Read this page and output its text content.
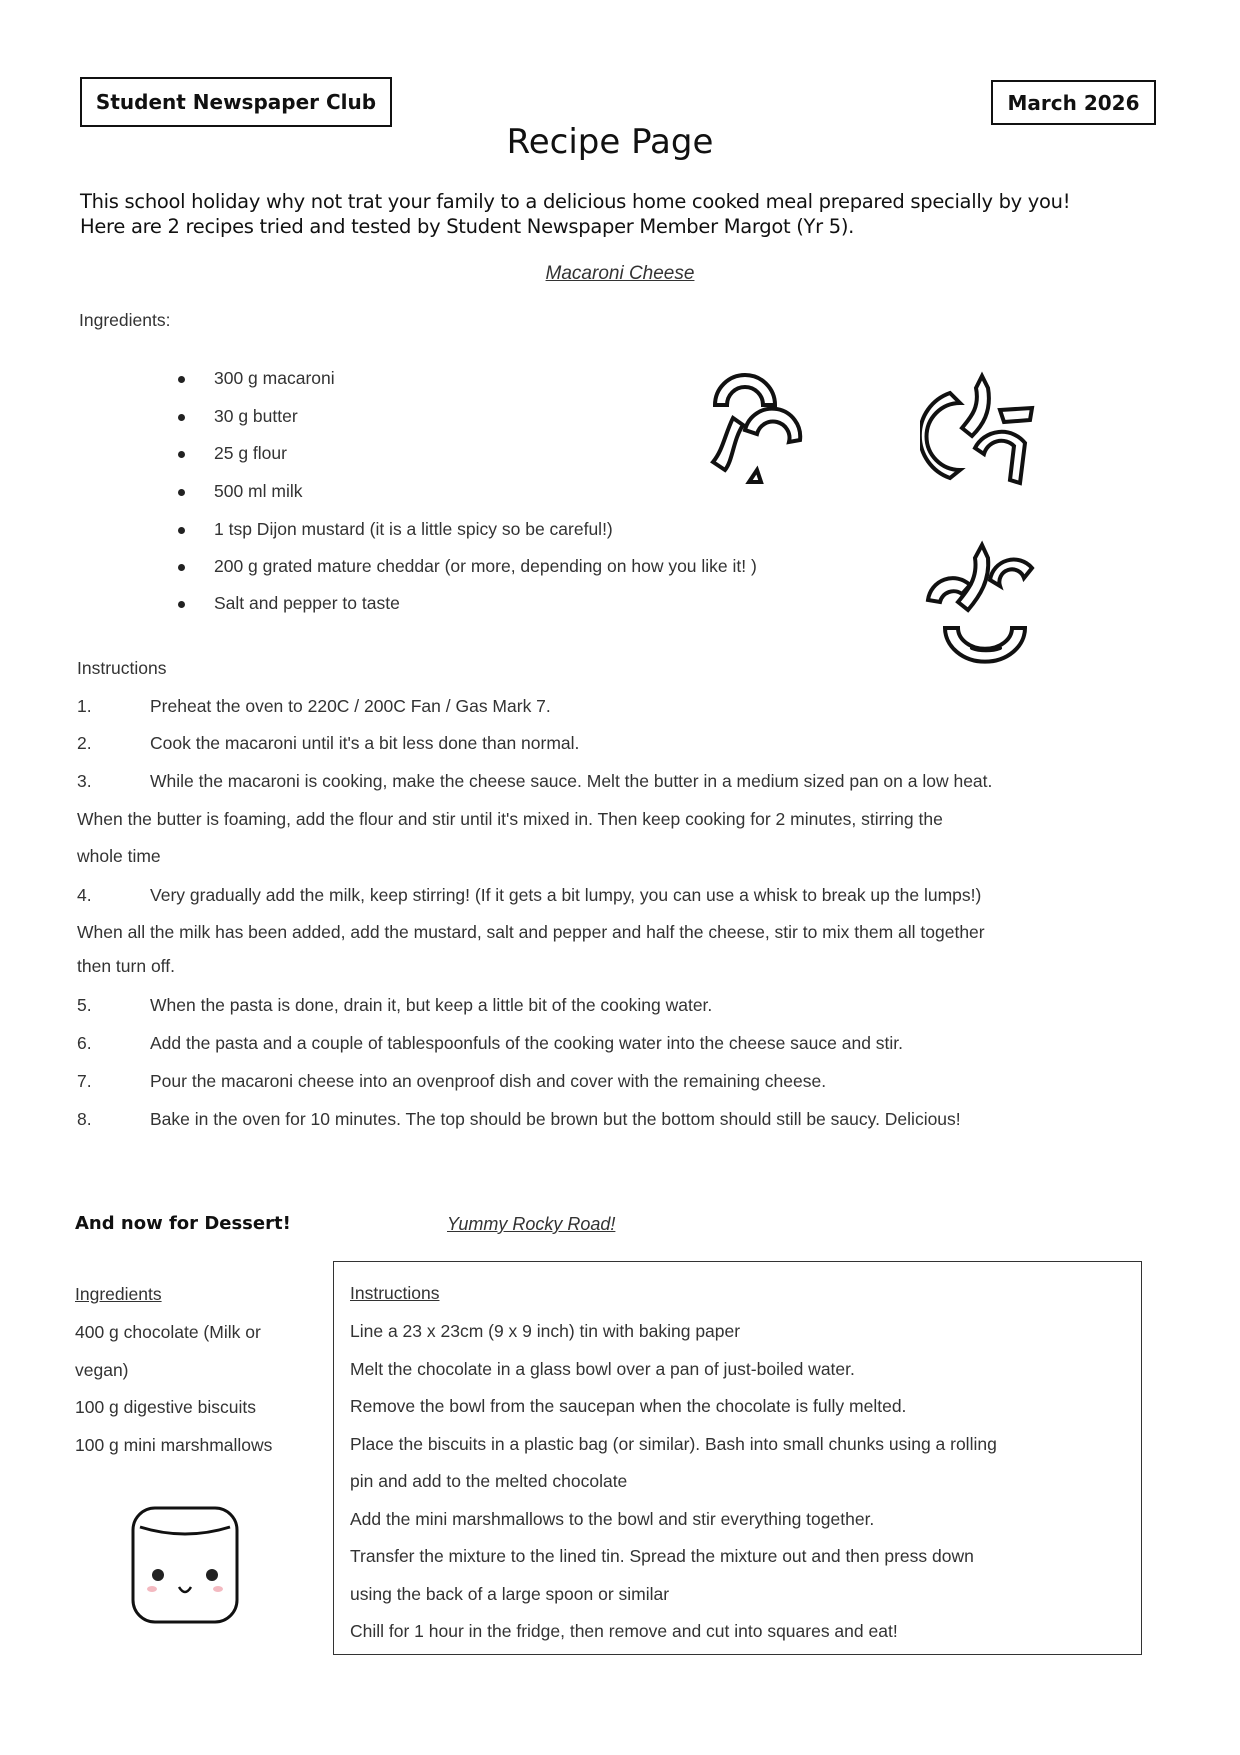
Student Newspaper Club	March 2026
Recipe Page
This school holiday why not trat your family to a delicious home cooked meal prepared specially by you!
Here are 2 recipes tried and tested by Student Newspaper Member Margot (Yr 5).
Macaroni Cheese
Ingredients:
300 g macaroni
30 g butter
25 g flour
500 ml milk
1 tsp Dijon mustard (it is a little spicy so be careful!)
200 g grated mature cheddar (or more, depending on how you like it! )
Salt and pepper to taste
Instructions
1.	Preheat the oven to 220C / 200C Fan / Gas Mark 7.
2.	Cook the macaroni until it's a bit less done than normal.
3.	While the macaroni is cooking, make the cheese sauce. Melt the butter in a medium sized pan on a low heat.
When the butter is foaming, add the flour and stir until it's mixed in. Then keep cooking for 2 minutes, stirring the
whole time
4.	Very gradually add the milk, keep stirring! (If it gets a bit lumpy, you can use a whisk to break up the lumps!)
When all the milk has been added, add the mustard, salt and pepper and half the cheese, stir to mix them all together
then turn off.
5.	When the pasta is done, drain it, but keep a little bit of the cooking water.
6.	Add the pasta and a couple of tablespoonfuls of the cooking water into the cheese sauce and stir.
7.	Pour the macaroni cheese into an ovenproof dish and cover with the remaining cheese.
8.	Bake in the oven for 10 minutes. The top should be brown but the bottom should still be saucy. Delicious!
And now for Dessert!	Yummy Rocky Road!
Ingredients
400 g chocolate (Milk or
vegan)
100 g digestive biscuits
100 g mini marshmallows
Instructions
Line a 23 x 23cm (9 x 9 inch) tin with baking paper
Melt the chocolate in a glass bowl over a pan of just-boiled water.
Remove the bowl from the saucepan when the chocolate is fully melted.
Place the biscuits in a plastic bag (or similar). Bash into small chunks using a rolling
pin and add to the melted chocolate
Add the mini marshmallows to the bowl and stir everything together.
Transfer the mixture to the lined tin. Spread the mixture out and then press down
using the back of a large spoon or similar
Chill for 1 hour in the fridge, then remove and cut into squares and eat!
